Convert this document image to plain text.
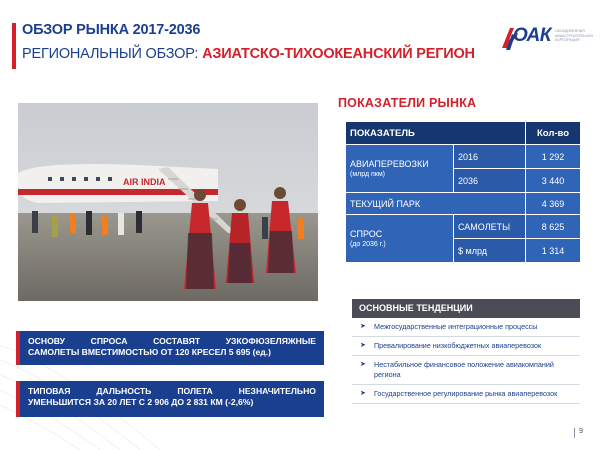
ОБЗОР РЫНКА 2017-2036
РЕГИОНАЛЬНЫЙ ОБЗОР: АЗИАТСКО-ТИХООКЕАНСКИЙ РЕГИОН
ОАК ОБЪЕДИНЕННАЯ АВИАСТРОИТЕЛЬНАЯ КОРПОРАЦИЯ
AIR INDIA
ПОКАЗАТЕЛИ РЫНКА
ПОКАЗАТЕЛЬ		Кол-во
АВИАПЕРЕВОЗКИ
(млрд пкм)	2016	1 292
	2036	3 440
ТЕКУЩИЙ ПАРК		4 369
СПРОС
(до 2036 г.)	САМОЛЕТЫ	8 625
	$ млрд	1 314
ОСНОВНЫЕ ТЕНДЕНЦИИ
➤ Межгосударственные интеграционные процессы
➤ Превалирование низкобюджетных авиаперевозок
➤ Нестабильное финансовое положение авиакомпаний региона
➤ Государственное регулирование рынка авиаперевозок
ОСНОВУ СПРОСА СОСТАВЯТ УЗКОФЮЗЕЛЯЖНЫЕ
САМОЛЕТЫ ВМЕСТИМОСТЬЮ ОТ 120 КРЕСЕЛ 5 695 (ед.)
ТИПОВАЯ ДАЛЬНОСТЬ ПОЛЕТА НЕЗНАЧИТЕЛЬНО
УМЕНЬШИТСЯ ЗА 20 ЛЕТ С 2 906 ДО 2 831 КМ (-2,6%)
9
